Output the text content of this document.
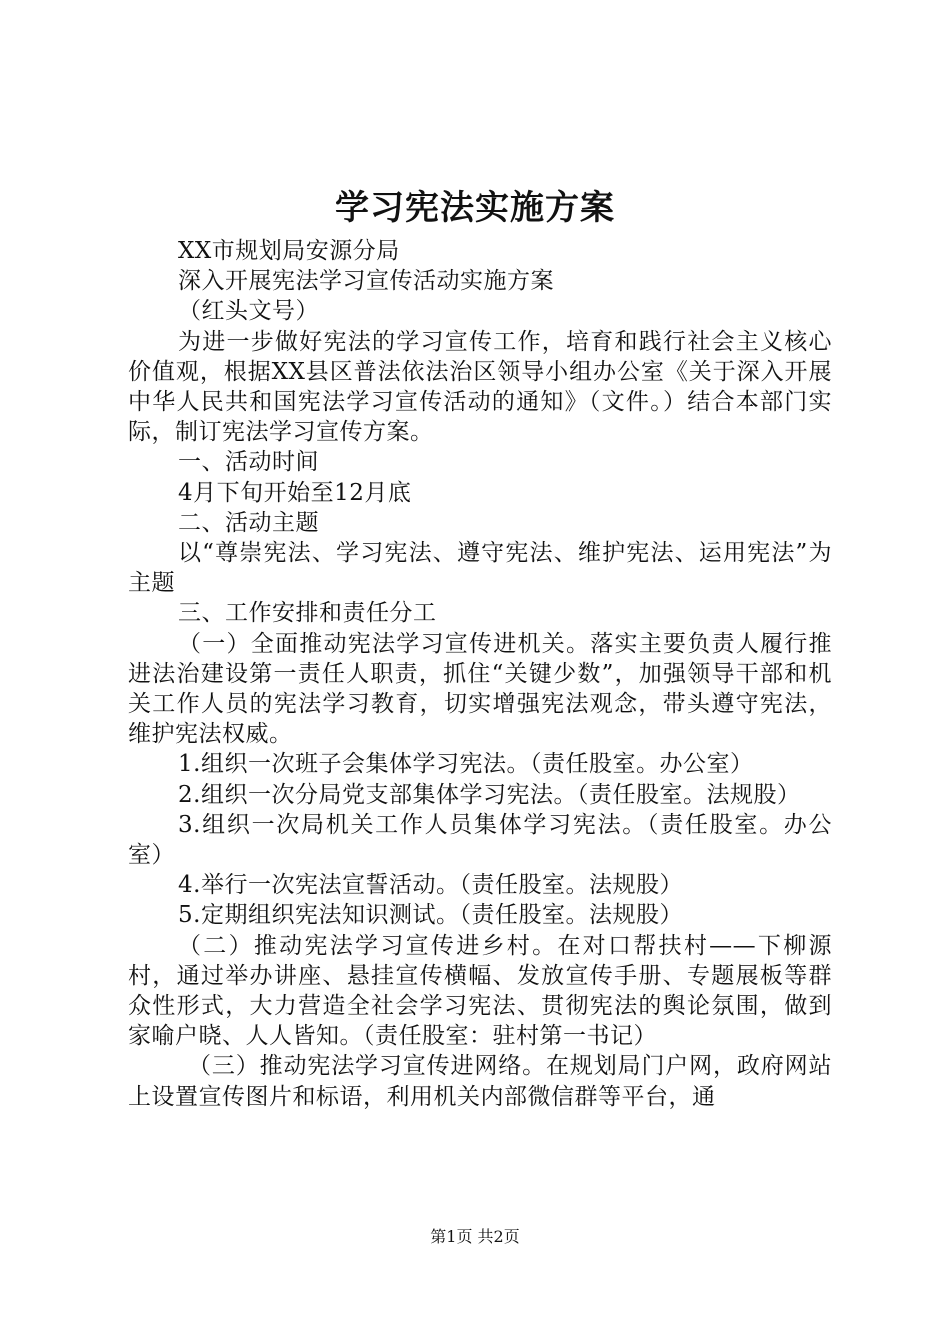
学习宪法实施方案

XX市规划局安源分局

深入开展宪法学习宣传活动实施方案

（红头文号）

为进一步做好宪法的学习宣传工作，培育和践行社会主义核心价值观，根据XX县区普法依法治区领导小组办公室《关于深入开展中华人民共和国宪法学习宣传活动的通知》（文件。）结合本部门实际，制订宪法学习宣传方案。

一、活动时间

4月下旬开始至12月底

二、活动主题

以“尊崇宪法、学习宪法、遵守宪法、维护宪法、运用宪法”为主题

三、工作安排和责任分工

（一）全面推动宪法学习宣传进机关。落实主要负责人履行推进法治建设第一责任人职责，抓住“关键少数”，加强领导干部和机关工作人员的宪法学习教育，切实增强宪法观念，带头遵守宪法，维护宪法权威。

1.组织一次班子会集体学习宪法。（责任股室。办公室）

2.组织一次分局党支部集体学习宪法。（责任股室。法规股）

3.组织一次局机关工作人员集体学习宪法。（责任股室。办公室）

4.举行一次宪法宣誓活动。（责任股室。法规股）

5.定期组织宪法知识测试。（责任股室。法规股）

（二）推动宪法学习宣传进乡村。在对口帮扶村——下柳源村，通过举办讲座、悬挂宣传横幅、发放宣传手册、专题展板等群众性形式，大力营造全社会学习宪法、贯彻宪法的舆论氛围，做到家喻户晓、人人皆知。（责任股室：驻村第一书记）

（三）推动宪法学习宣传进网络。在规划局门户网，政府网站上设置宣传图片和标语，利用机关内部微信群等平台，通

第1页 共2页
